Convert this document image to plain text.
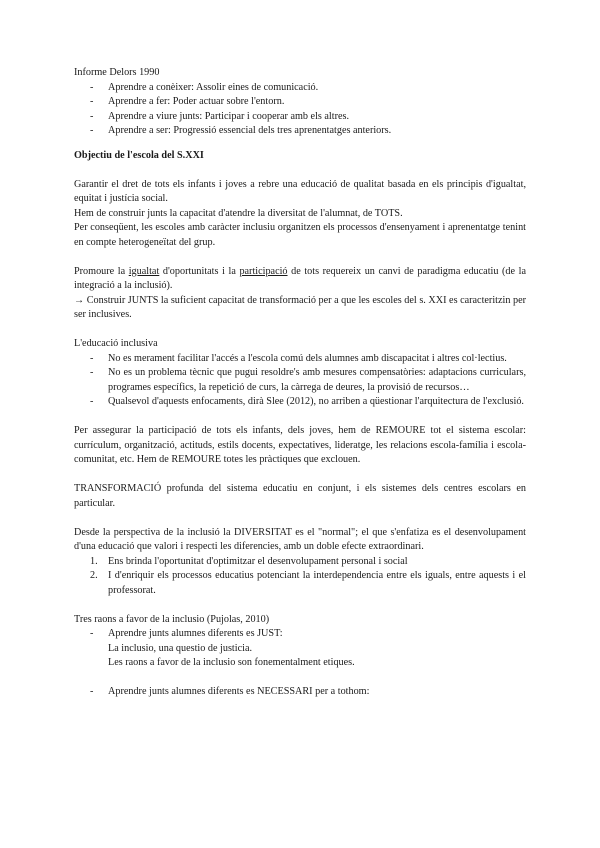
Informe Delors 1990

- Aprendre a conèixer: Assolir eines de comunicació.
- Aprendre a fer: Poder actuar sobre l'entorn.
- Aprendre a viure junts: Participar i cooperar amb els altres.
- Aprendre a ser: Progressió essencial dels tres aprenentatges anteriors.

Objectiu de l'escola del S.XXI

Garantir el dret de tots els infants i joves a rebre una educació de qualitat basada en els principis d'igualtat, equitat i justícia social.

Hem de construir junts la capacitat d'atendre la diversitat de l'alumnat, de TOTS.

Per conseqüent, les escoles amb caràcter inclusiu organitzen els processos d'ensenyament i aprenentatge tenint en compte heterogeneïtat del grup.

Promoure la igualtat d'oportunitats i la participació de tots requereix un canvi de paradigma educatiu (de la integració a la inclusió).

→ Construir JUNTS la suficient capacitat de transformació per a que les escoles del s. XXI es caracteritzin per ser inclusives.

L'educació inclusiva

- No es merament facilitar l'accés a l'escola comú dels alumnes amb discapacitat i altres col·lectius.
- No es un problema tècnic que pugui resoldre's amb mesures compensatòries: adaptacions curriculars, programes específics, la repetició de curs, la càrrega de deures, la provisió de recursos…
- Qualsevol d'aquests enfocaments, dirà Slee (2012), no arriben a qüestionar l'arquitectura de l'exclusió.

Per assegurar la participació de tots els infants, dels joves, hem de REMOURE tot el sistema escolar: currículum, organització, actituds, estils docents, expectatives, lideratge, les relacions escola-família i escola-comunitat, etc. Hem de REMOURE totes les pràctiques que exclouen.

TRANSFORMACIÓ profunda del sistema educatiu en conjunt, i els sistemes dels centres escolars en particular.

Desde la perspectiva de la inclusió la DIVERSITAT es el "normal"; el que s'enfatiza es el desenvolupament d'una educació que valori i respecti les diferencies, amb un doble efecte extraordinari.

1. Ens brinda l'oportunitat d'optimitzar el desenvolupament personal i social
2. I d'enriquir els processos educatius potenciant la interdependencia entre els iguals, entre aquests i el professorat.

Tres raons a favor de la inclusio (Pujolas, 2010)

- Aprendre junts alumnes diferents es JUST:

La inclusio, una questio de justicia.

Les raons a favor de la inclusio son fonementalment etiques.

- Aprendre junts alumnes diferents es NECESSARI per a tothom:
